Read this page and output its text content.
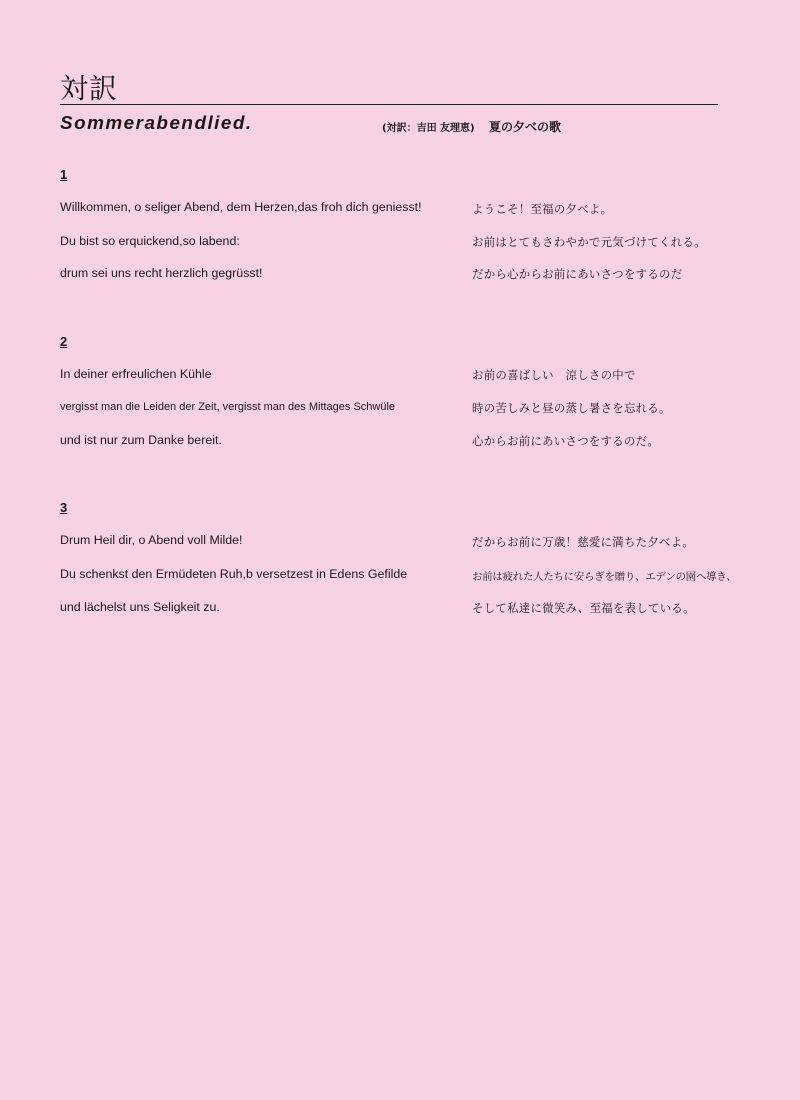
対訳
Sommerabendlied.	(対訳：吉田 友理恵) 夏の夕べの歌
1
Willkommen, o seliger Abend, dem Herzen,das froh dich geniesst!
Du bist so erquickend,so labend:
drum sei uns recht herzlich gegrüsst!
ようこそ！至福の夕べよ。
お前はとてもさわやかで元気づけてくれる。
だから心からお前にあいさつをするのだ
2
In deiner erfreulichen Kühle
vergisst man die Leiden der Zeit, vergisst man des Mittages Schwüle
und ist nur zum Danke bereit.
お前の喜ばしい　涼しさの中で
時の苦しみと昼の蒸し暑さを忘れる。
心からお前にあいさつをするのだ。
3
Drum Heil dir, o Abend voll Milde!
Du schenkst den Ermüdeten Ruh,b versetzest in Edens Gefilde
und lächelst uns Seligkeit zu.
だからお前に万歳！慈愛に満ちた夕べよ。
お前は疲れた人たちに安らぎを贈り、エデンの園へ導き、
そして私達に微笑み、至福を表している。
